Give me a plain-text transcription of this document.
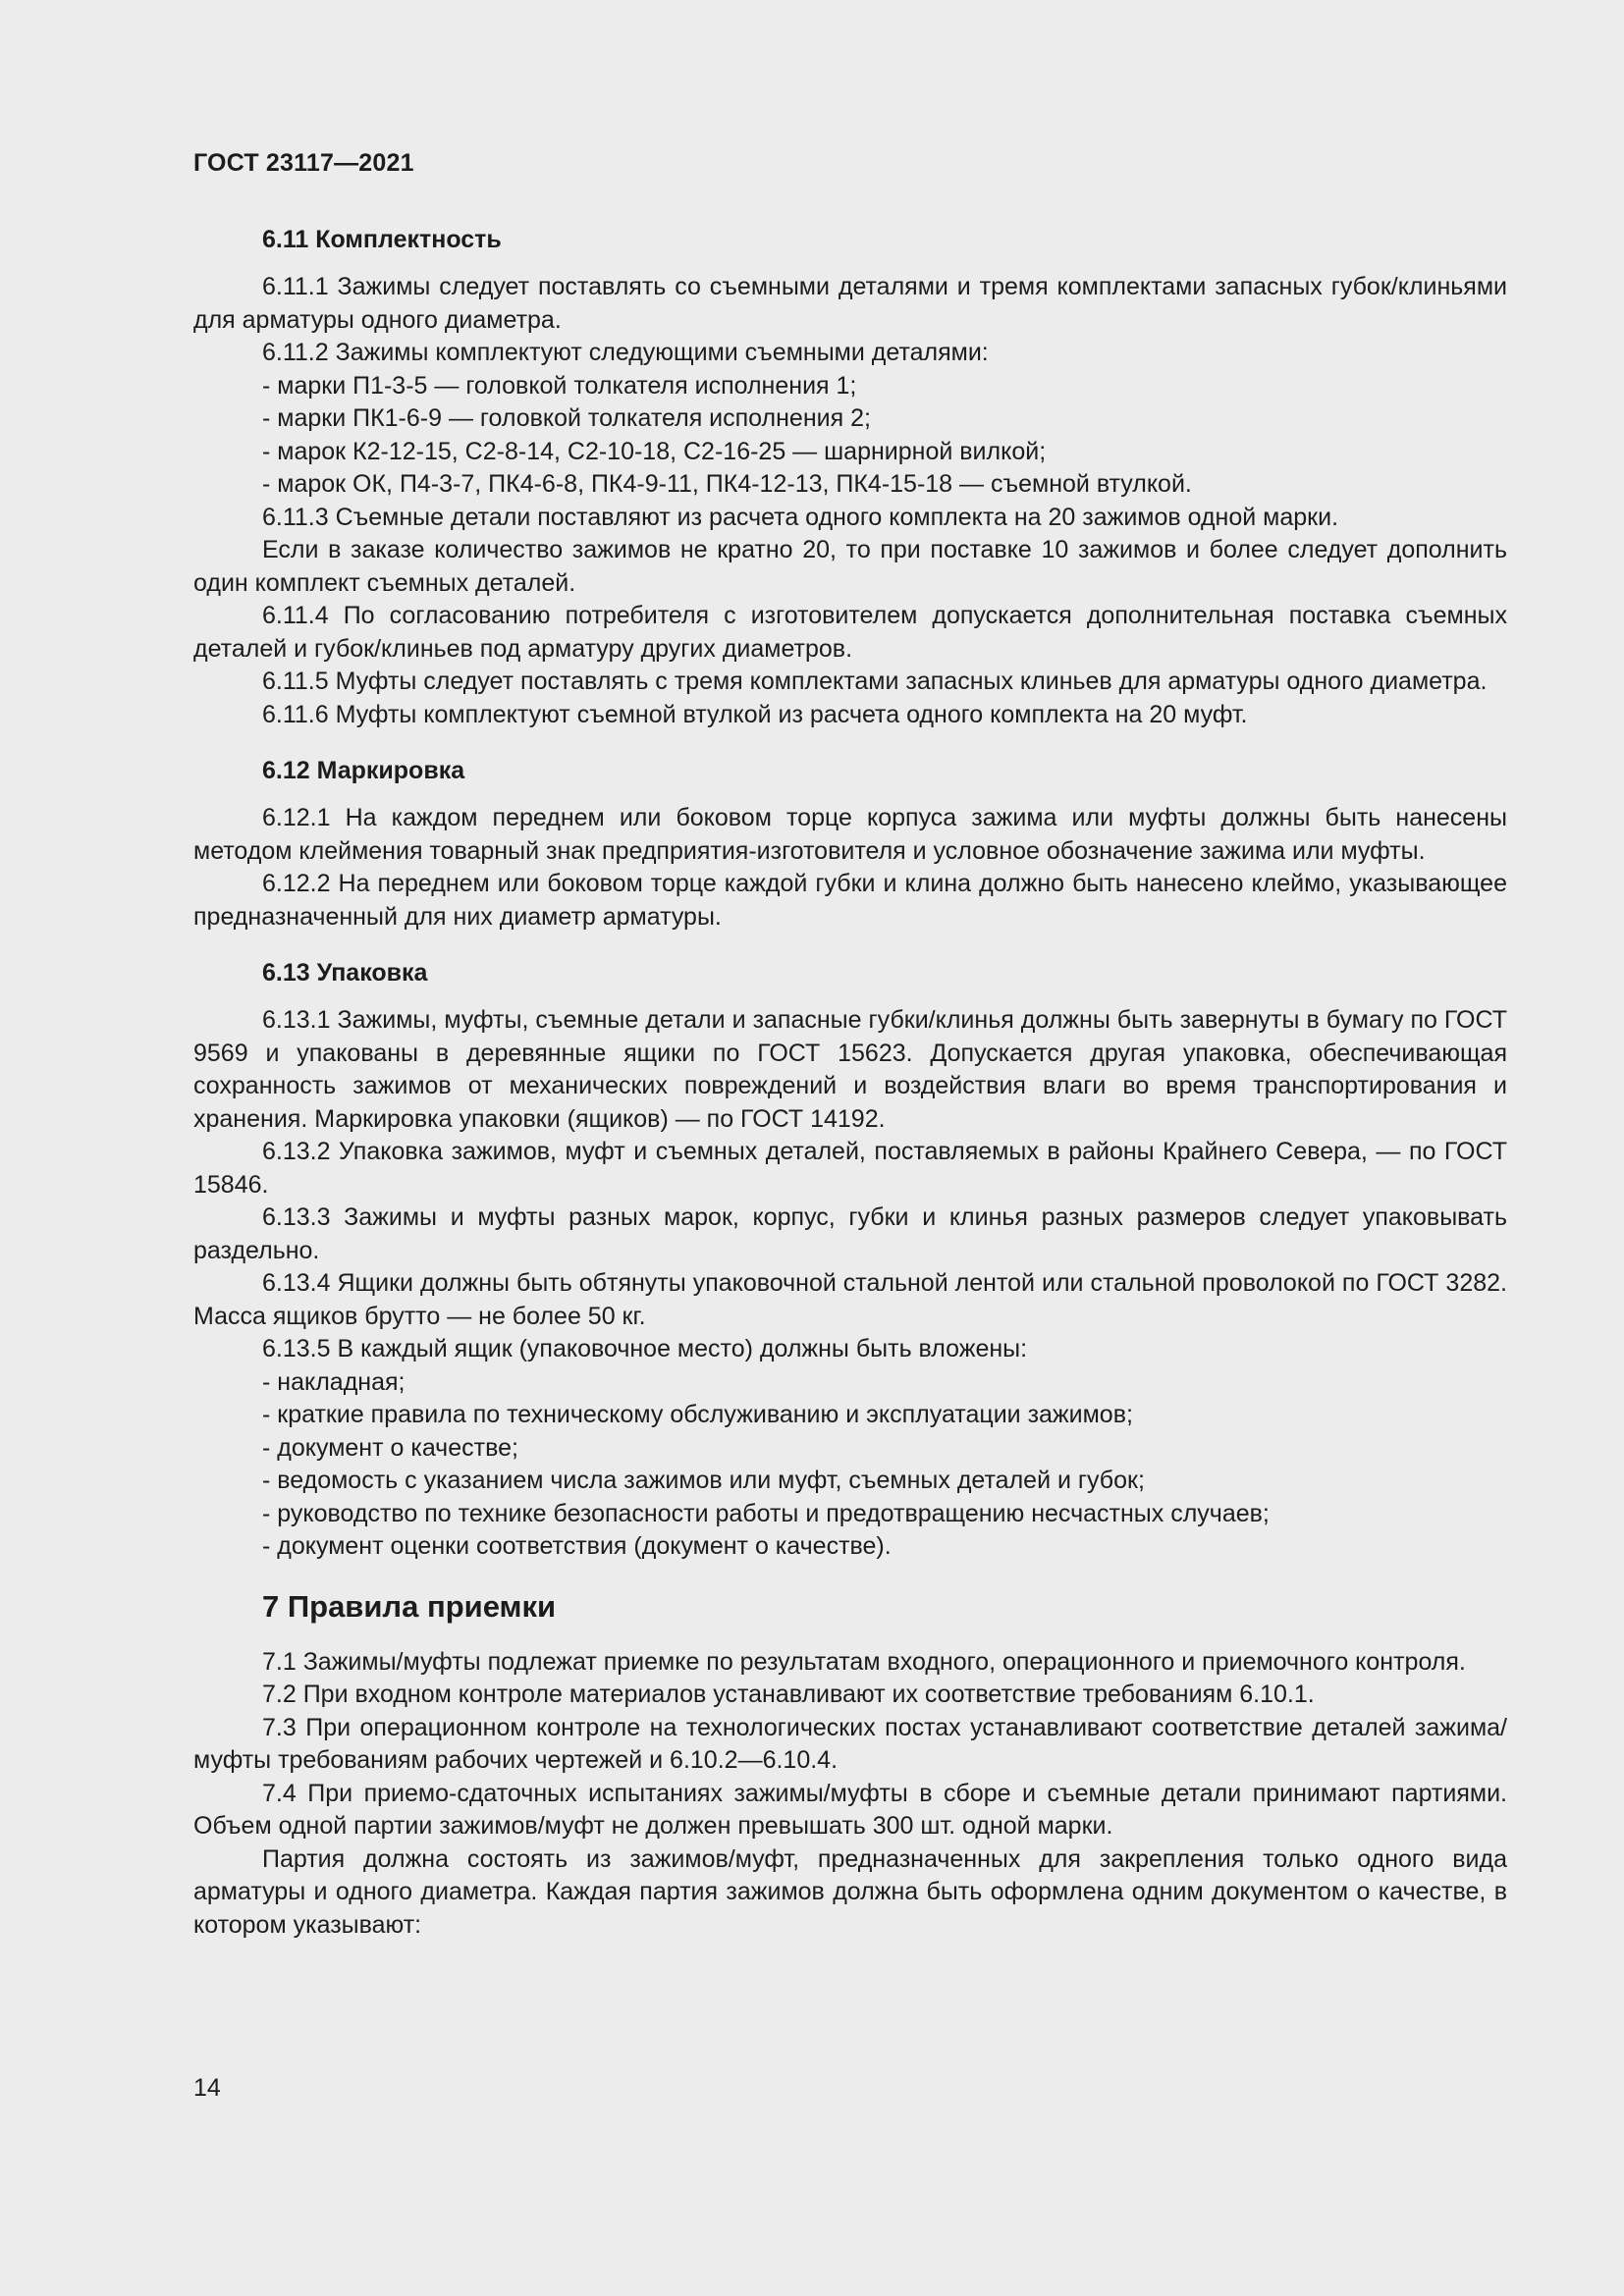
ГОСТ 23117—2021
6.11 Комплектность

6.11.1 Зажимы следует поставлять со съемными деталями и тремя комплектами запасных губок/клиньями для арматуры одного диаметра.

6.11.2 Зажимы комплектуют следующими съемными деталями:

- марки П1-3-5 — головкой толкателя исполнения 1;

- марки ПК1-6-9 — головкой толкателя исполнения 2;

- марок К2-12-15, С2-8-14, С2-10-18, С2-16-25 — шарнирной вилкой;

- марок ОК, П4-3-7, ПК4-6-8, ПК4-9-11, ПК4-12-13, ПК4-15-18 — съемной втулкой.

6.11.3 Съемные детали поставляют из расчета одного комплекта на 20 зажимов одной марки.

Если в заказе количество зажимов не кратно 20, то при поставке 10 зажимов и более следует дополнить один комплект съемных деталей.

6.11.4 По согласованию потребителя с изготовителем допускается дополнительная поставка съемных деталей и губок/клиньев под арматуру других диаметров.

6.11.5 Муфты следует поставлять с тремя комплектами запасных клиньев для арматуры одного диаметра.

6.11.6 Муфты комплектуют съемной втулкой из расчета одного комплекта на 20 муфт.

6.12 Маркировка

6.12.1 На каждом переднем или боковом торце корпуса зажима или муфты должны быть нанесены методом клеймения товарный знак предприятия-изготовителя и условное обозначение зажима или муфты.

6.12.2 На переднем или боковом торце каждой губки и клина должно быть нанесено клеймо, указывающее предназначенный для них диаметр арматуры.

6.13 Упаковка

6.13.1 Зажимы, муфты, съемные детали и запасные губки/клинья должны быть завернуты в бумагу по ГОСТ 9569 и упакованы в деревянные ящики по ГОСТ 15623. Допускается другая упаковка, обеспечивающая сохранность зажимов от механических повреждений и воздействия влаги во время транспортирования и хранения. Маркировка упаковки (ящиков) — по ГОСТ 14192.

6.13.2 Упаковка зажимов, муфт и съемных деталей, поставляемых в районы Крайнего Севера, — по ГОСТ 15846.

6.13.3 Зажимы и муфты разных марок, корпус, губки и клинья разных размеров следует упаковывать раздельно.

6.13.4 Ящики должны быть обтянуты упаковочной стальной лентой или стальной проволокой по ГОСТ 3282. Масса ящиков брутто — не более 50 кг.

6.13.5 В каждый ящик (упаковочное место) должны быть вложены:

- накладная;

- краткие правила по техническому обслуживанию и эксплуатации зажимов;

- документ о качестве;

- ведомость с указанием числа зажимов или муфт, съемных деталей и губок;

- руководство по технике безопасности работы и предотвращению несчастных случаев;

- документ оценки соответствия (документ о качестве).

7 Правила приемки

7.1 Зажимы/муфты подлежат приемке по результатам входного, операционного и приемочного контроля.

7.2 При входном контроле материалов устанавливают их соответствие требованиям 6.10.1.

7.3 При операционном контроле на технологических постах устанавливают соответствие деталей зажима/муфты требованиям рабочих чертежей и 6.10.2—6.10.4.

7.4 При приемо-сдаточных испытаниях зажимы/муфты в сборе и съемные детали принимают партиями. Объем одной партии зажимов/муфт не должен превышать 300 шт. одной марки.

Партия должна состоять из зажимов/муфт, предназначенных для закрепления только одного вида арматуры и одного диаметра. Каждая партия зажимов должна быть оформлена одним документом о качестве, в котором указывают:

14
